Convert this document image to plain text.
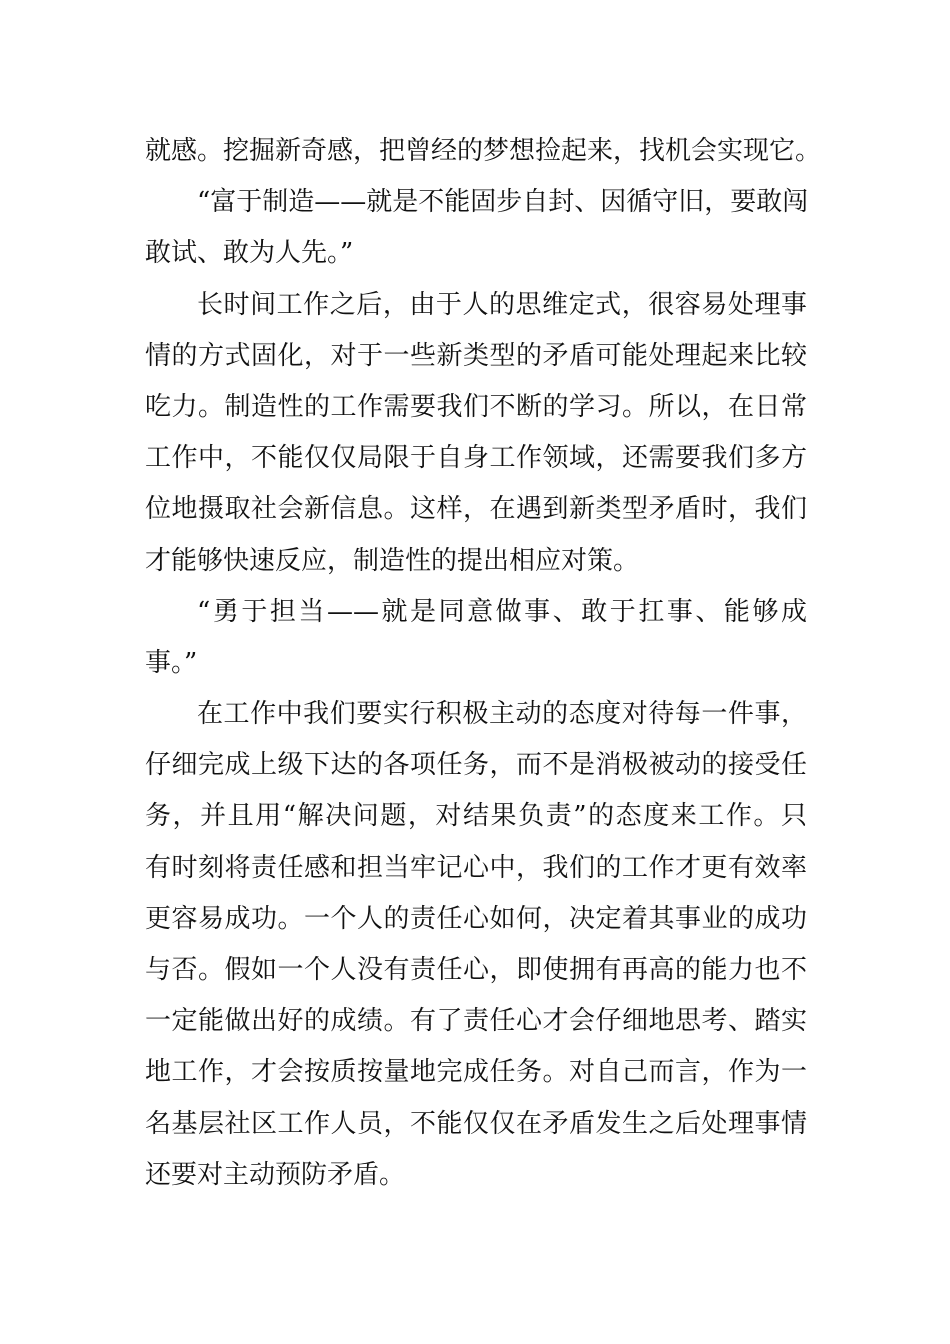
就感。挖掘新奇感，把曾经的梦想捡起来，找机会实现它。
“富于制造——就是不能固步自封、因循守旧，要敢闯
敢试、敢为人先。”
长时间工作之后，由于人的思维定式，很容易处理事
情的方式固化，对于一些新类型的矛盾可能处理起来比较
吃力。制造性的工作需要我们不断的学习。所以，在日常
工作中，不能仅仅局限于自身工作领域，还需要我们多方
位地摄取社会新信息。这样，在遇到新类型矛盾时，我们
才能够快速反应，制造性的提出相应对策。
“勇于担当——就是同意做事、敢于扛事、能够成
事。”
在工作中我们要实行积极主动的态度对待每一件事，
仔细完成上级下达的各项任务，而不是消极被动的接受任
务，并且用“解决问题，对结果负责”的态度来工作。只
有时刻将责任感和担当牢记心中，我们的工作才更有效率
更容易成功。一个人的责任心如何，决定着其事业的成功
与否。假如一个人没有责任心，即使拥有再高的能力也不
一定能做出好的成绩。有了责任心才会仔细地思考、踏实
地工作，才会按质按量地完成任务。对自己而言，作为一
名基层社区工作人员，不能仅仅在矛盾发生之后处理事情
还要对主动预防矛盾。
